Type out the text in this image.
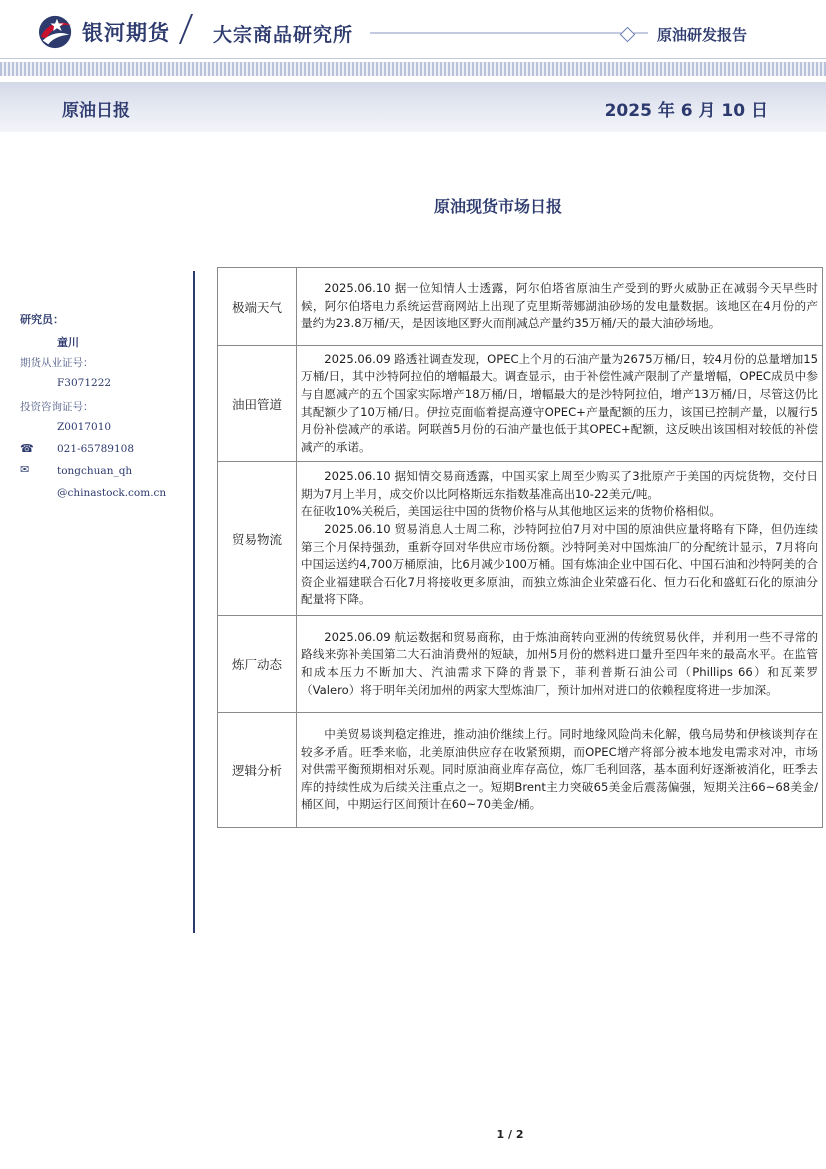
银河期货 大宗商品研究所	原油研发报告
原油日报	2025 年 6 月 10 日
原油现货市场日报
研究员：
童川
期货从业证号：
F3071222
投资咨询证号：
Z0017010
☎ 021-65789108
✉	tongchuan_qh
@chinastock.com.cn
极端天气	2025.06.10 据一位知情人士透露，阿尔伯塔省原油生产受到的野火威胁正在减弱今天早些时候，阿尔伯塔电力系统运营商网站上出现了克里斯蒂娜湖油砂场的发电量数据。该地区在4月份的产量约为23.8万桶/天，是因该地区野火而削减总产量约35万桶/天的最大油砂场地。

油田管道	2025.06.09 路透社调查发现，OPEC上个月的石油产量为2675万桶/日，较4月份的总量增加15万桶/日，其中沙特阿拉伯的增幅最大。调查显示，由于补偿性减产限制了产量增幅，OPEC成员中参与自愿减产的五个国家实际增产18万桶/日，增幅最大的是沙特阿拉伯，增产13万桶/日，尽管这仍比其配额少了10万桶/日。伊拉克面临着提高遵守OPEC+产量配额的压力，该国已控制产量，以履行5月份补偿减产的承诺。阿联酋5月份的石油产量也低于其OPEC+配额，这反映出该国相对较低的补偿减产的承诺。

贸易物流	2025.06.10 据知情交易商透露，中国买家上周至少购买了3批原产于美国的丙烷货物，交付日期为7月上半月，成交价以比阿格斯远东指数基准高出10-22美元/吨。

在征收10%关税后，美国运往中国的货物价格与从其他地区运来的货物价格相似。

2025.06.10 贸易消息人士周二称，沙特阿拉伯7月对中国的原油供应量将略有下降，但仍连续第三个月保持强劲，重新夺回对华供应市场份额。沙特阿美对中国炼油厂的分配统计显示，7月将向中国运送约4,700万桶原油，比6月减少100万桶。国有炼油企业中国石化、中国石油和沙特阿美的合资企业福建联合石化7月将接收更多原油，而独立炼油企业荣盛石化、恒力石化和盛虹石化的原油分配量将下降。

炼厂动态	2025.06.09 航运数据和贸易商称，由于炼油商转向亚洲的传统贸易伙伴，并利用一些不寻常的路线来弥补美国第二大石油消费州的短缺，加州5月份的燃料进口量升至四年来的最高水平。在监管和成本压力不断加大、汽油需求下降的背景下，菲利普斯石油公司（Phillips 66）和瓦莱罗（Valero）将于明年关闭加州的两家大型炼油厂，预计加州对进口的依赖程度将进一步加深。

逻辑分析	中美贸易谈判稳定推进，推动油价继续上行。同时地缘风险尚未化解，俄乌局势和伊核谈判存在较多矛盾。旺季来临，北美原油供应存在收紧预期，而OPEC增产将部分被本地发电需求对冲，市场对供需平衡预期相对乐观。同时原油商业库存高位，炼厂毛利回落，基本面利好逐渐被消化，旺季去库的持续性成为后续关注重点之一。短期Brent主力突破65美金后震荡偏强，短期关注66~68美金/桶区间，中期运行区间预计在60~70美金/桶。

1 / 2
